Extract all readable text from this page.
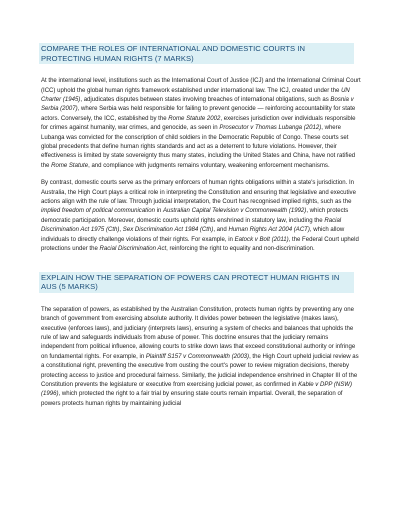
COMPARE THE ROLES OF INTERNATIONAL AND DOMESTIC COURTS IN PROTECTING HUMAN RIGHTS (7 MARKS)

At the international level, institutions such as the International Court of Justice (ICJ) and the International Criminal Court (ICC) uphold the global human rights framework established under international law. The ICJ, created under the UN Charter (1945), adjudicates disputes between states involving breaches of international obligations, such as Bosnia v Serbia (2007), where Serbia was held responsible for failing to prevent genocide — reinforcing accountability for state actors. Conversely, the ICC, established by the Rome Statute 2002, exercises jurisdiction over individuals responsible for crimes against humanity, war crimes, and genocide, as seen in Prosecutor v Thomas Lubanga (2012), where Lubanga was convicted for the conscription of child soldiers in the Democratic Republic of Congo. These courts set global precedents that define human rights standards and act as a deterrent to future violations. However, their effectiveness is limited by state sovereignty thus many states, including the United States and China, have not ratified the Rome Statute, and compliance with judgments remains voluntary, weakening enforcement mechanisms.

By contrast, domestic courts serve as the primary enforcers of human rights obligations within a state's jurisdiction. In Australia, the High Court plays a critical role in interpreting the Constitution and ensuring that legislative and executive actions align with the rule of law. Through judicial interpretation, the Court has recognised implied rights, such as the implied freedom of political communication in Australian Capital Television v Commonwealth (1992), which protects democratic participation. Moreover, domestic courts uphold rights enshrined in statutory law, including the Racial Discrimination Act 1975 (Cth), Sex Discrimination Act 1984 (Cth), and Human Rights Act 2004 (ACT), which allow individuals to directly challenge violations of their rights. For example, in Eatock v Bolt (2011), the Federal Court upheld protections under the Racial Discrimination Act, reinforcing the right to equality and non-discrimination.

EXPLAIN HOW THE SEPARATION OF POWERS CAN PROTECT HUMAN RIGHTS IN AUS (5 MARKS)

The separation of powers, as established by the Australian Constitution, protects human rights by preventing any one branch of government from exercising absolute authority. It divides power between the legislative (makes laws), executive (enforces laws), and judiciary (interprets laws), ensuring a system of checks and balances that upholds the rule of law and safeguards individuals from abuse of power. This doctrine ensures that the judiciary remains independent from political influence, allowing courts to strike down laws that exceed constitutional authority or infringe on fundamental rights. For example, in Plaintiff S157 v Commonwealth (2003), the High Court upheld judicial review as a constitutional right, preventing the executive from ousting the court's power to review migration decisions, thereby protecting access to justice and procedural fairness. Similarly, the judicial independence enshrined in Chapter III of the Constitution prevents the legislature or executive from exercising judicial power, as confirmed in Kable v DPP (NSW) (1996), which protected the right to a fair trial by ensuring state courts remain impartial. Overall, the separation of powers protects human rights by maintaining judicial
